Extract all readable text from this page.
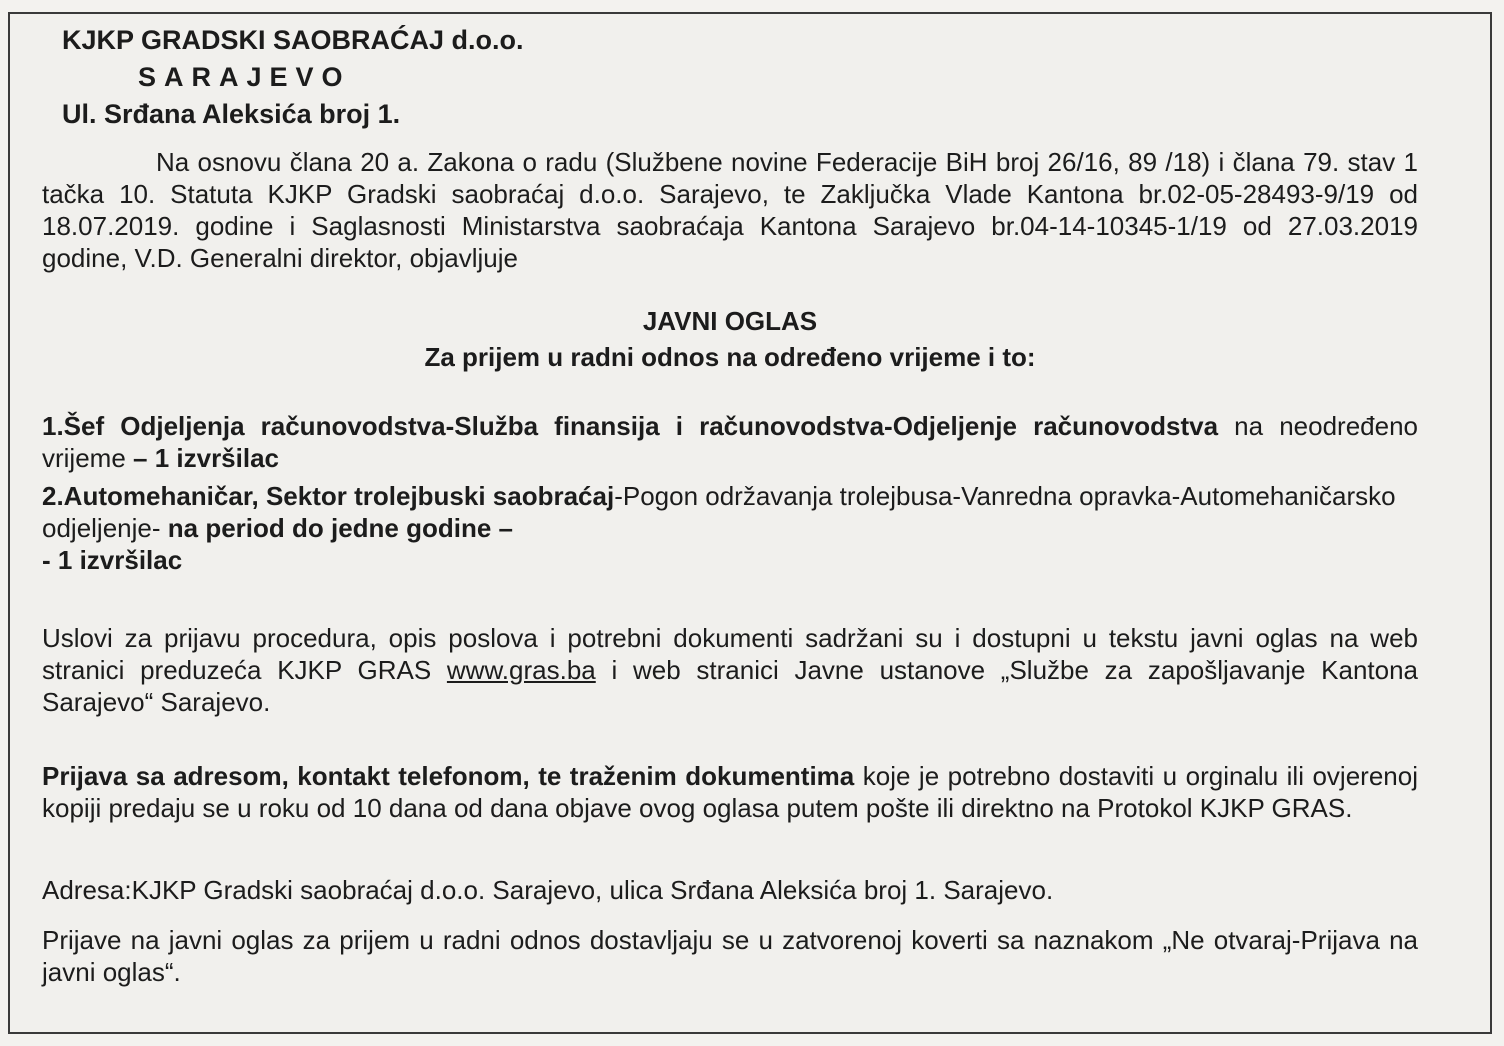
KJKP GRADSKI SAOBRAĆAJ d.o.o.
SARAJEVO
Ul. Srđana Aleksića broj 1.
Na osnovu člana 20 a. Zakona o radu (Službene novine Federacije BiH broj 26/16, 89 /18) i člana 79. stav 1 tačka 10. Statuta KJKP Gradski saobraćaj d.o.o. Sarajevo, te Zaključka Vlade Kantona br.02-05-28493-9/19 od 18.07.2019. godine i Saglasnosti Ministarstva saobraćaja Kantona Sarajevo br.04-14-10345-1/19 od 27.03.2019 godine, V.D. Generalni direktor, objavljuje
JAVNI OGLAS
Za prijem u radni odnos na određeno vrijeme i to:
1.Šef Odjeljenja računovodstva-Služba finansija i računovodstva-Odjeljenje računovodstva na neodređeno vrijeme – 1 izvršilac
2.Automehaničar, Sektor trolejbuski saobraćaj-Pogon održavanja trolejbusa-Vanredna opravka-Automehaničarsko odjeljenje- na period do jedne godine –
- 1 izvršilac
Uslovi za prijavu procedura, opis poslova i potrebni dokumenti sadržani su i dostupni u tekstu javni oglas na web stranici preduzeća KJKP GRAS www.gras.ba i web stranici Javne ustanove „Službe za zapošljavanje Kantona Sarajevo“ Sarajevo.
Prijava sa adresom, kontakt telefonom, te traženim dokumentima koje je potrebno dostaviti u orginalu ili ovjerenoj kopiji predaju se u roku od 10 dana od dana objave ovog oglasa putem pošte ili direktno na Protokol KJKP GRAS.
Adresa:KJKP Gradski saobraćaj d.o.o. Sarajevo, ulica Srđana Aleksića broj 1. Sarajevo.
Prijave na javni oglas za prijem u radni odnos dostavljaju se u zatvorenoj koverti sa naznakom „Ne otvaraj-Prijava na javni oglas“.
